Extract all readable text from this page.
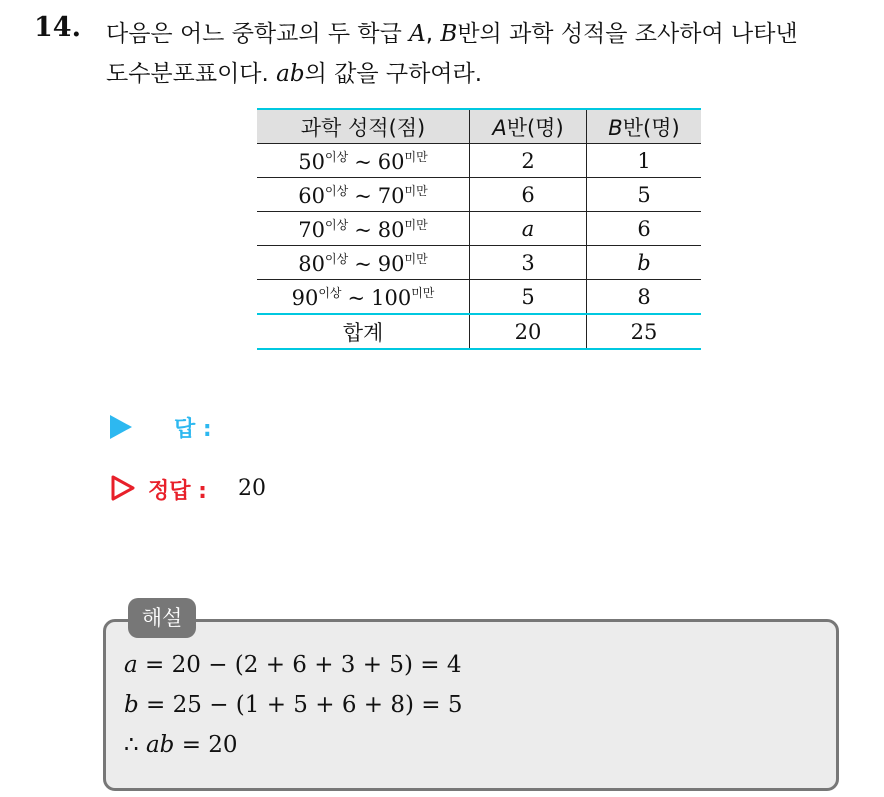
14. 다음은 어느 중학교의 두 학급 A, B반의 과학 성적을 조사하여 나타낸
도수분포표이다. ab의 값을 구하여라.
과학 성적(점)	A반(명)	B반(명)
$50^{이상}$ ~ $60^{미만}$	2	1
$60^{이상}$ ~ $70^{미만}$	6	5
$70^{이상}$ ~ $80^{미만}$	a	6
$80^{이상}$ ~ $90^{미만}$	3	b
$90^{이상}$ ~ $100^{미만}$	5	8
합계	20	25
답 :
정답 : 20
해설
a = 20 − (2 + 6 + 3 + 5) = 4
b = 25 − (1 + 5 + 6 + 8) = 5
∴ ab = 20
